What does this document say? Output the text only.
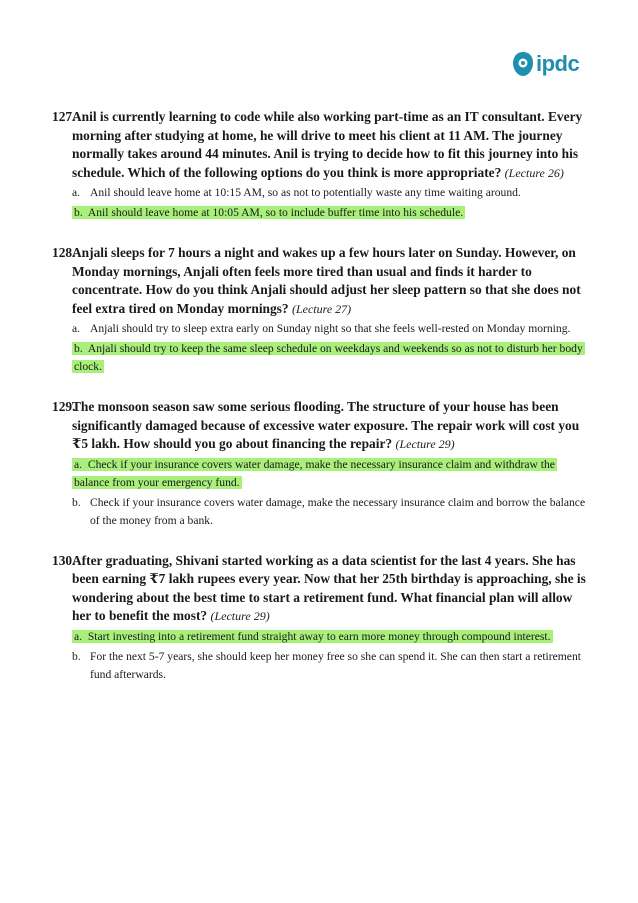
ipdc
127.
Anil is currently learning to code while also working part-time as an IT consultant. Every
morning after studying at home, he will drive to meet his client at 11 AM. The journey normally takes around 44 minutes. Anil is trying to decide how to fit this journey into his schedule. Which of the following options do you think is more appropriate? (Lecture 26)
a. Anil should leave home at 10:15 AM, so as not to potentially waste any time waiting around.
b. Anil should leave home at 10:05 AM, so to include buffer time into his schedule.
128.
Anjali sleeps for 7 hours a night and wakes up a few hours later on Sunday. However, on
Monday mornings, Anjali often feels more tired than usual and finds it harder to concentrate. How do you think Anjali should adjust her sleep pattern so that she does not feel extra tired on Monday mornings? (Lecture 27)
a. Anjali should try to sleep extra early on Sunday night so that she feels well-rested on Monday morning.
b. Anjali should try to keep the same sleep schedule on weekdays and weekends so as not to disturb her body clock.
129.
The monsoon season saw some serious flooding. The structure of your house has been
significantly damaged because of excessive water exposure. The repair work will cost you ₹5 lakh. How should you go about financing the repair? (Lecture 29)
a. Check if your insurance covers water damage, make the necessary insurance claim and withdraw the balance from your emergency fund.
b. Check if your insurance covers water damage, make the necessary insurance claim and borrow the balance of the money from a bank.
130.
After graduating, Shivani started working as a data scientist for the last 4 years. She has
been earning ₹7 lakh rupees every year. Now that her 25th birthday is approaching, she is wondering about the best time to start a retirement fund. What financial plan will allow her to benefit the most? (Lecture 29)
a. Start investing into a retirement fund straight away to earn more money through compound interest.
b. For the next 5-7 years, she should keep her money free so she can spend it. She can then start a retirement fund afterwards.
